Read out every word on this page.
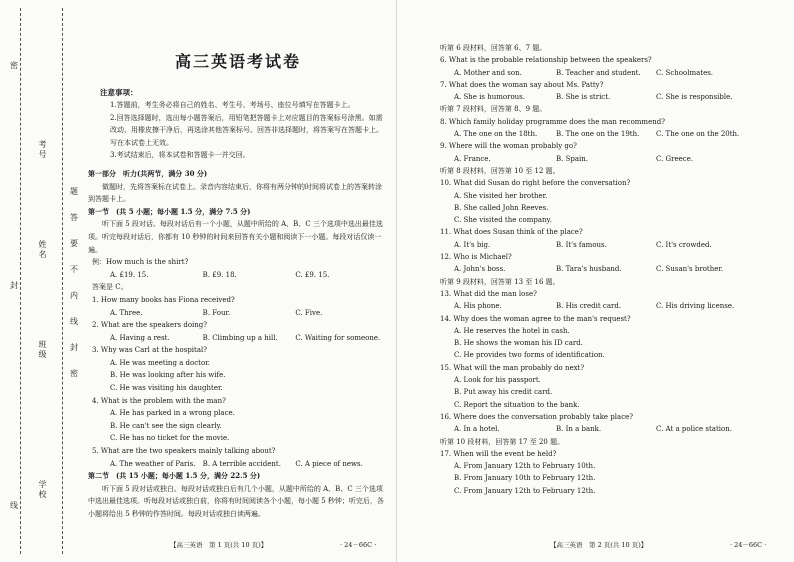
考号
姓名
班级
学校
题
答
要
不
内
线
封
密
密
封
线
高三英语考试卷
注意事项：
1.答题前，考生务必将自己的姓名、考生号、考场号、座位号填写在答题卡上。
2.回答选择题时，选出每小题答案后，用铅笔把答题卡上对应题目的答案标号涂黑。如需改动，用橡皮擦干净后，再选涂其他答案标号。回答非选择题时，将答案写在答题卡上。写在本试卷上无效。
3.考试结束后，将本试卷和答题卡一并交回。
第一部分　听力(共两节，满分 30 分)
做题时，先将答案标在试卷上。录音内容结束后，你将有两分钟的时间将试卷上的答案转涂到答题卡上。
第一节　(共 5 小题；每小题 1.5 分，满分 7.5 分)
听下面 5 段对话。每段对话后有一个小题，从题中所给的 A、B、C 三个选项中选出最佳选项。听完每段对话后，你都有 10 秒钟的时间来回答有关小题和阅读下一小题。每段对话仅读一遍。
例：How much is the shirt?
A. £19. 15.	B. £9. 18.	C. £9. 15.
答案是 C。
1. How many books has Fiona received?
A. Three.	B. Four.	C. Five.
2. What are the speakers doing?
A. Having a rest.	B. Climbing up a hill.	C. Waiting for someone.
3. Why was Carl at the hospital?
A. He was meeting a doctor.
B. He was looking after his wife.
C. He was visiting his daughter.
4. What is the problem with the man?
A. He has parked in a wrong place.
B. He can't see the sign clearly.
C. He has no ticket for the movie.
5. What are the two speakers mainly talking about?
A. The weather of Paris.	B. A terrible accident.	C. A piece of news.
第二节　(共 15 小题；每小题 1.5 分，满分 22.5 分)
听下面 5 段对话或独白。每段对话或独白后有几个小题，从题中所给的 A、B、C 三个选项中选出最佳选项。听每段对话或独白前，你将有时间阅读各个小题，每小题 5 秒钟；听完后，各小题将给出 5 秒钟的作答时间。每段对话或独白读两遍。
【高三英语　第 1 页(共 10 页)】	· 24－66C ·
听第 6 段材料，回答第 6、7 题。
6. What is the probable relationship between the speakers?
A. Mother and son.	B. Teacher and student.	C. Schoolmates.
7. What does the woman say about Ms. Patty?
A. She is humorous.	B. She is strict.	C. She is responsible.
听第 7 段材料，回答第 8、9 题。
8. Which family holiday programme does the man recommend?
A. The one on the 18th.	B. The one on the 19th.	C. The one on the 20th.
9. Where will the woman probably go?
A. France.	B. Spain.	C. Greece.
听第 8 段材料，回答第 10 至 12 题。
10. What did Susan do right before the conversation?
A. She visited her brother.
B. She called John Reeves.
C. She visited the company.
11. What does Susan think of the place?
A. It's big.	B. It's famous.	C. It's crowded.
12. Who is Michael?
A. John's boss.	B. Tara's husband.	C. Susan's brother.
听第 9 段材料，回答第 13 至 16 题。
13. What did the man lose?
A. His phone.	B. His credit card.	C. His driving license.
14. Why does the woman agree to the man's request?
A. He reserves the hotel in cash.
B. He shows the woman his ID card.
C. He provides two forms of identification.
15. What will the man probably do next?
A. Look for his passport.
B. Put away his credit card.
C. Report the situation to the bank.
16. Where does the conversation probably take place?
A. In a hotel.	B. In a bank.	C. At a police station.
听第 10 段材料，回答第 17 至 20 题。
17. When will the event be held?
A. From January 12th to February 10th.
B. From January 10th to February 12th.
C. From January 12th to February 12th.
【高三英语　第 2 页(共 10 页)】	· 24－66C ·
